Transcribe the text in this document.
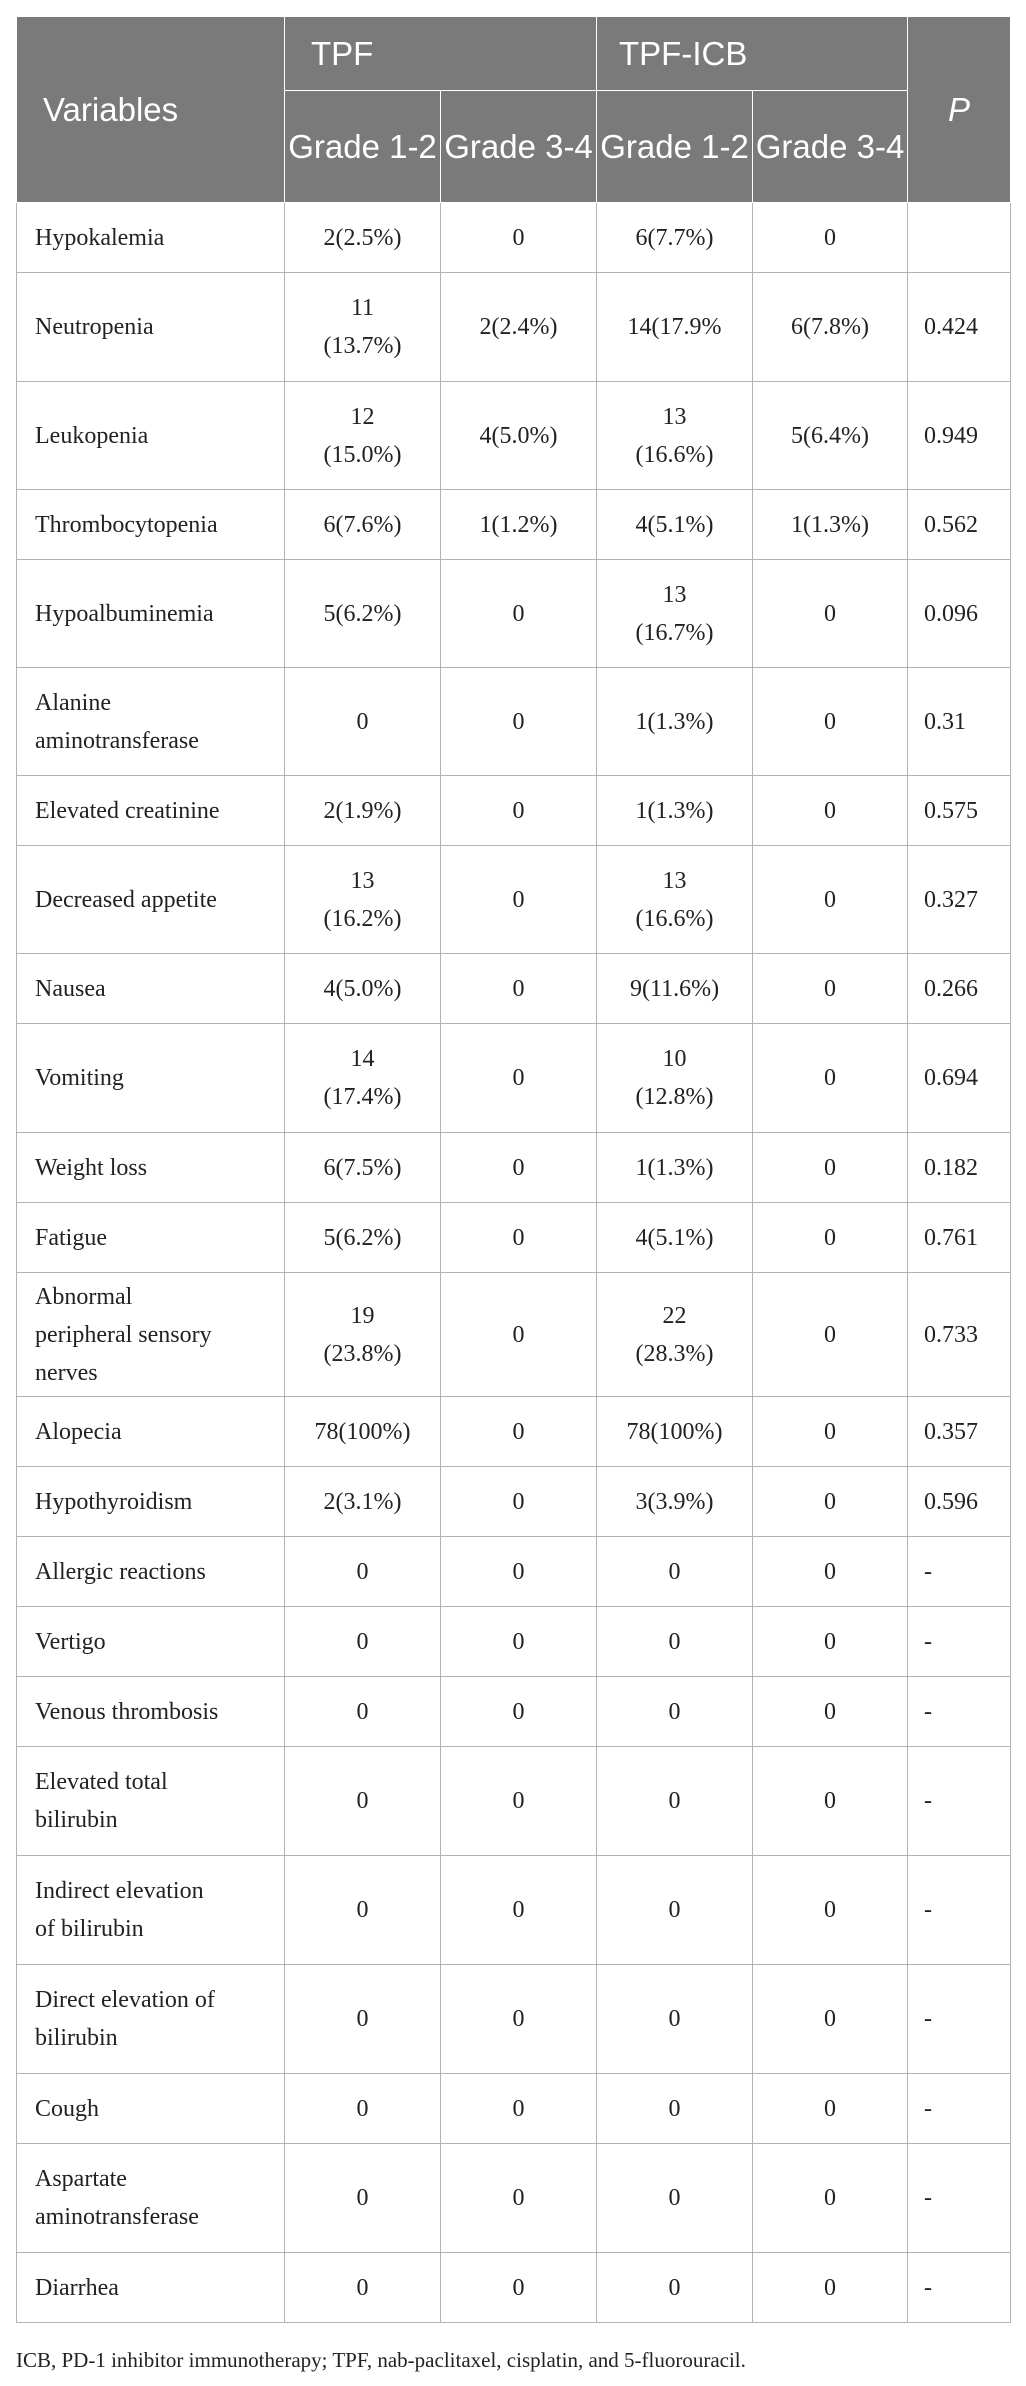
Variables	TPF		TPF-ICB		P
	Grade 1-2	Grade 3-4	Grade 1-2	Grade 3-4	
Hypokalemia	2(2.5%)	0	6(7.7%)	0	
Neutropenia	11
(13.7%)	2(2.4%)	14(17.9%	6(7.8%)	0.424
Leukopenia	12
(15.0%)	4(5.0%)	13
(16.6%)	5(6.4%)	0.949
Thrombocytopenia	6(7.6%)	1(1.2%)	4(5.1%)	1(1.3%)	0.562
Hypoalbuminemia	5(6.2%)	0	13
(16.7%)	0	0.096
Alanine
aminotransferase	0	0	1(1.3%)	0	0.31
Elevated creatinine	2(1.9%)	0	1(1.3%)	0	0.575
Decreased appetite	13
(16.2%)	0	13
(16.6%)	0	0.327
Nausea	4(5.0%)	0	9(11.6%)	0	0.266
Vomiting	14
(17.4%)	0	10
(12.8%)	0	0.694
Weight loss	6(7.5%)	0	1(1.3%)	0	0.182
Fatigue	5(6.2%)	0	4(5.1%)	0	0.761
Abnormal
peripheral sensory
nerves	19
(23.8%)	0	22
(28.3%)	0	0.733
Alopecia	78(100%)	0	78(100%)	0	0.357
Hypothyroidism	2(3.1%)	0	3(3.9%)	0	0.596
Allergic reactions	0	0	0	0	-
Vertigo	0	0	0	0	-
Venous thrombosis	0	0	0	0	-
Elevated total
bilirubin	0	0	0	0	-
Indirect elevation
of bilirubin	0	0	0	0	-
Direct elevation of
bilirubin	0	0	0	0	-
Cough	0	0	0	0	-
Aspartate
aminotransferase	0	0	0	0	-
Diarrhea	0	0	0	0	-
ICB, PD-1 inhibitor immunotherapy; TPF, nab-paclitaxel, cisplatin, and 5-fluorouracil.
